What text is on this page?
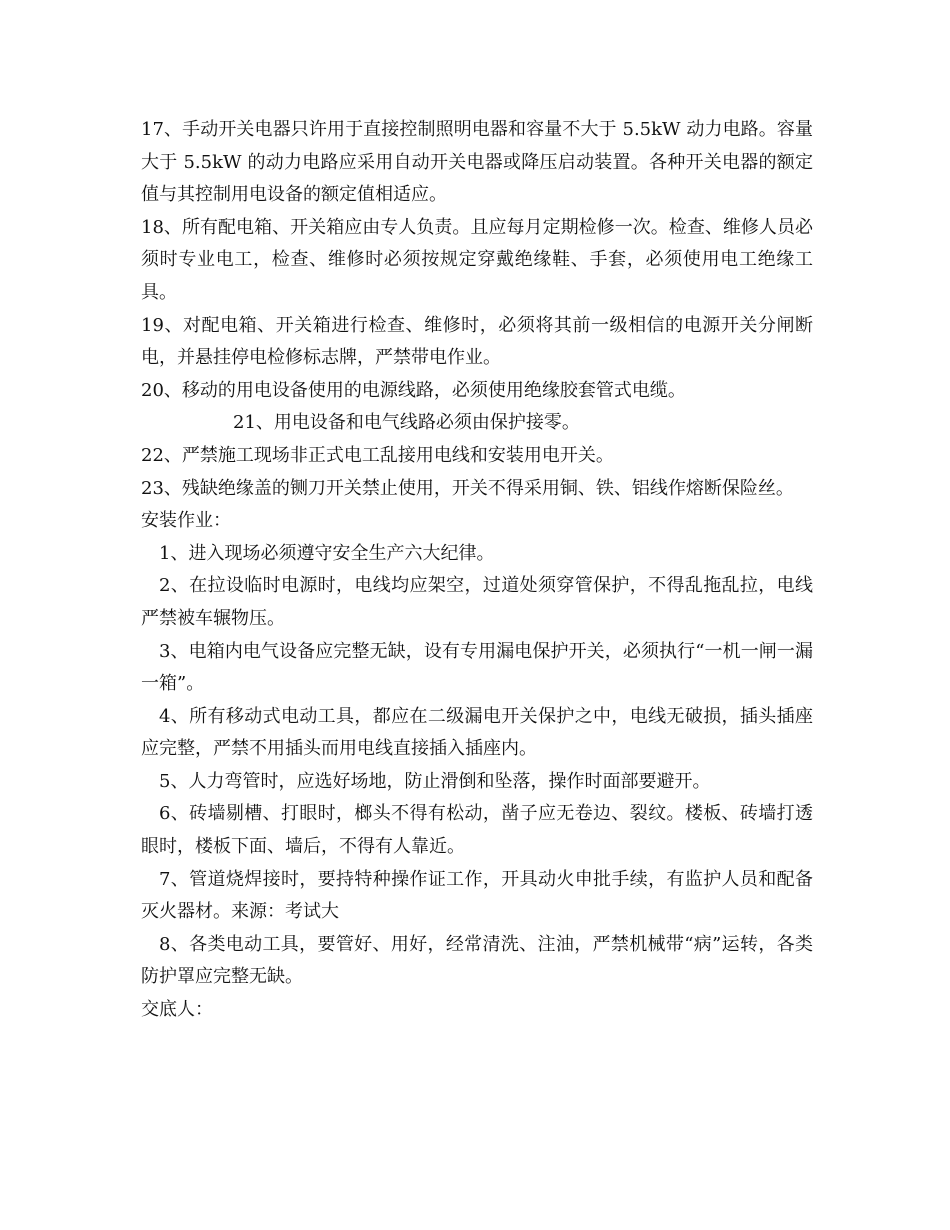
17、手动开关电器只许用于直接控制照明电器和容量不大于 5.5kW 动力电路。容量大于 5.5kW 的动力电路应采用自动开关电器或降压启动装置。各种开关电器的额定值与其控制用电设备的额定值相适应。

18、所有配电箱、开关箱应由专人负责。且应每月定期检修一次。检查、维修人员必须时专业电工，检查、维修时必须按规定穿戴绝缘鞋、手套，必须使用电工绝缘工具。

19、对配电箱、开关箱进行检查、维修时，必须将其前一级相信的电源开关分闸断电，并悬挂停电检修标志牌，严禁带电作业。

20、移动的用电设备使用的电源线路，必须使用绝缘胶套管式电缆。

21、用电设备和电气线路必须由保护接零。

22、严禁施工现场非正式电工乱接用电线和安装用电开关。

23、残缺绝缘盖的铡刀开关禁止使用，开关不得采用铜、铁、铝线作熔断保险丝。

安装作业：

1、进入现场必须遵守安全生产六大纪律。

2、在拉设临时电源时，电线均应架空，过道处须穿管保护，不得乱拖乱拉，电线严禁被车辗物压。

3、电箱内电气设备应完整无缺，设有专用漏电保护开关，必须执行“一机一闸一漏一箱”。

4、所有移动式电动工具，都应在二级漏电开关保护之中，电线无破损，插头插座应完整，严禁不用插头而用电线直接插入插座内。

5、人力弯管时，应选好场地，防止滑倒和坠落，操作时面部要避开。

6、砖墙剔槽、打眼时，榔头不得有松动，凿子应无卷边、裂纹。楼板、砖墙打透眼时，楼板下面、墙后，不得有人靠近。

7、管道烧焊接时，要持特种操作证工作，开具动火申批手续，有监护人员和配备灭火器材。来源：考试大

8、各类电动工具，要管好、用好，经常清洗、注油，严禁机械带“病”运转，各类防护罩应完整无缺。

交底人：
